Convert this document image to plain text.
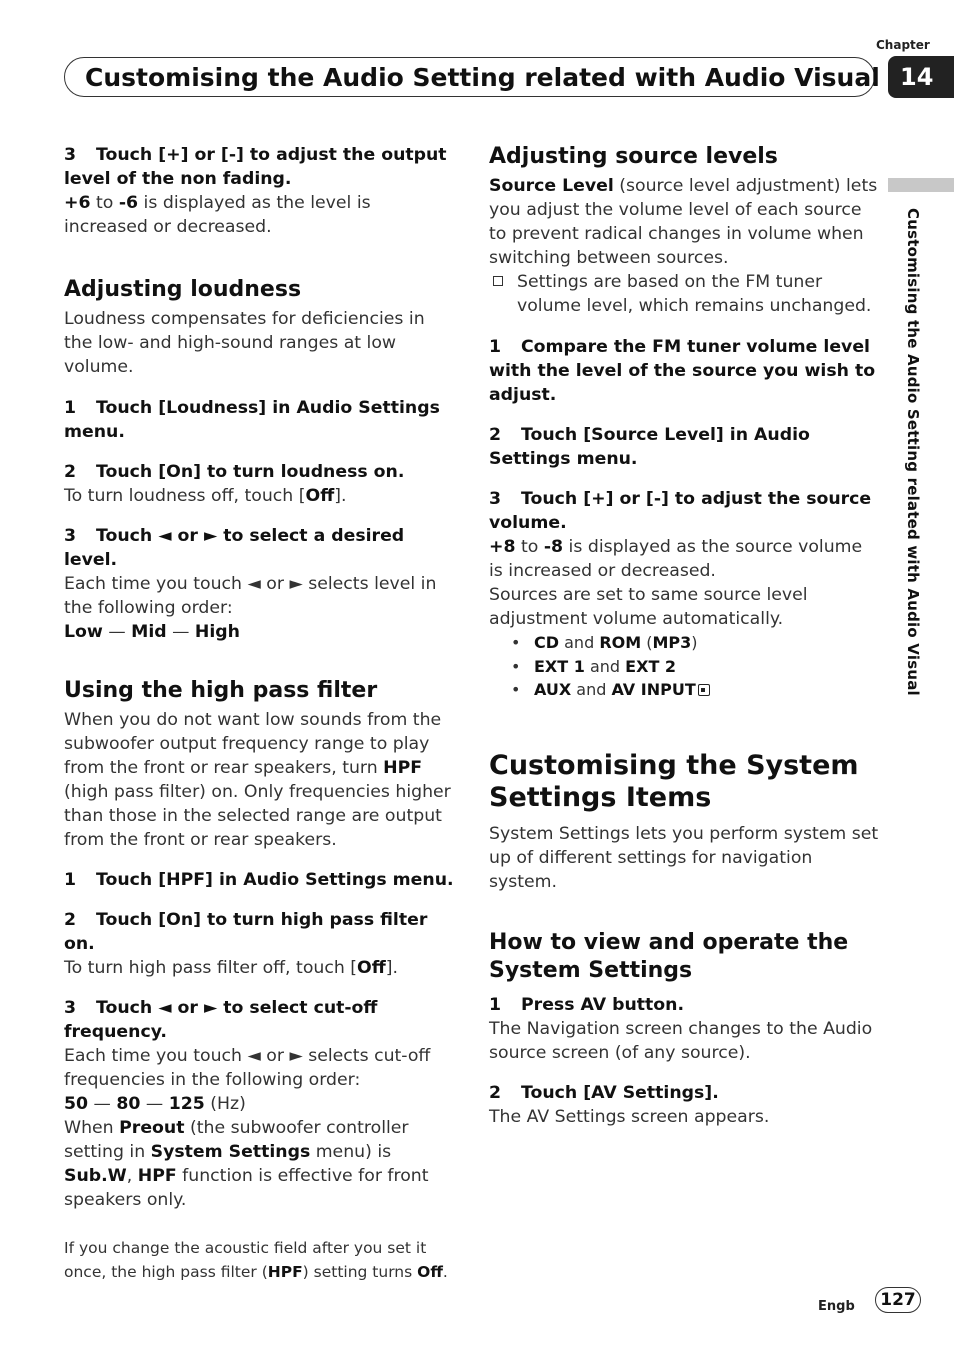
Chapter
14
Customising the Audio Setting related with Audio Visual
Customising the Audio Setting related with Audio Visual

3 Touch [+] or [-] to adjust the output level of the non fading.

+6 to -6 is displayed as the level is increased or decreased.

Adjusting loudness

Loudness compensates for deficiencies in the low- and high-sound ranges at low volume.

1 Touch [Loudness] in Audio Settings menu.

2 Touch [On] to turn loudness on.

To turn loudness off, touch [Off].

3 Touch ◄ or ► to select a desired level.

Each time you touch ◄ or ► selects level in the following order:

Low — Mid — High

Using the high pass filter

When you do not want low sounds from the subwoofer output frequency range to play from the front or rear speakers, turn HPF (high pass filter) on. Only frequencies higher than those in the selected range are output from the front or rear speakers.

1 Touch [HPF] in Audio Settings menu.

2 Touch [On] to turn high pass filter on.

To turn high pass filter off, touch [Off].

3 Touch ◄ or ► to select cut-off frequency.

Each time you touch ◄ or ► selects cut-off frequencies in the following order:

50 — 80 — 125 (Hz)

When Preout (the subwoofer controller setting in System Settings menu) is Sub.W, HPF function is effective for front speakers only.

If you change the acoustic field after you set it once, the high pass filter (HPF) setting turns Off.

Adjusting source levels

Source Level (source level adjustment) lets you adjust the volume level of each source to prevent radical changes in volume when switching between sources.

Settings are based on the FM tuner volume level, which remains unchanged.

1 Compare the FM tuner volume level with the level of the source you wish to adjust.

2 Touch [Source Level] in Audio Settings menu.

3 Touch [+] or [-] to adjust the source volume.

+8 to -8 is displayed as the source volume is increased or decreased.

Sources are set to same source level adjustment volume automatically.

• CD and ROM (MP3)
• EXT 1 and EXT 2
• AUX and AV INPUT
Customising the System Settings Items

System Settings lets you perform system set up of different settings for navigation system.

How to view and operate the System Settings

1 Press AV button.

The Navigation screen changes to the Audio source screen (of any source).

2 Touch [AV Settings].

The AV Settings screen appears.

Engb	127
